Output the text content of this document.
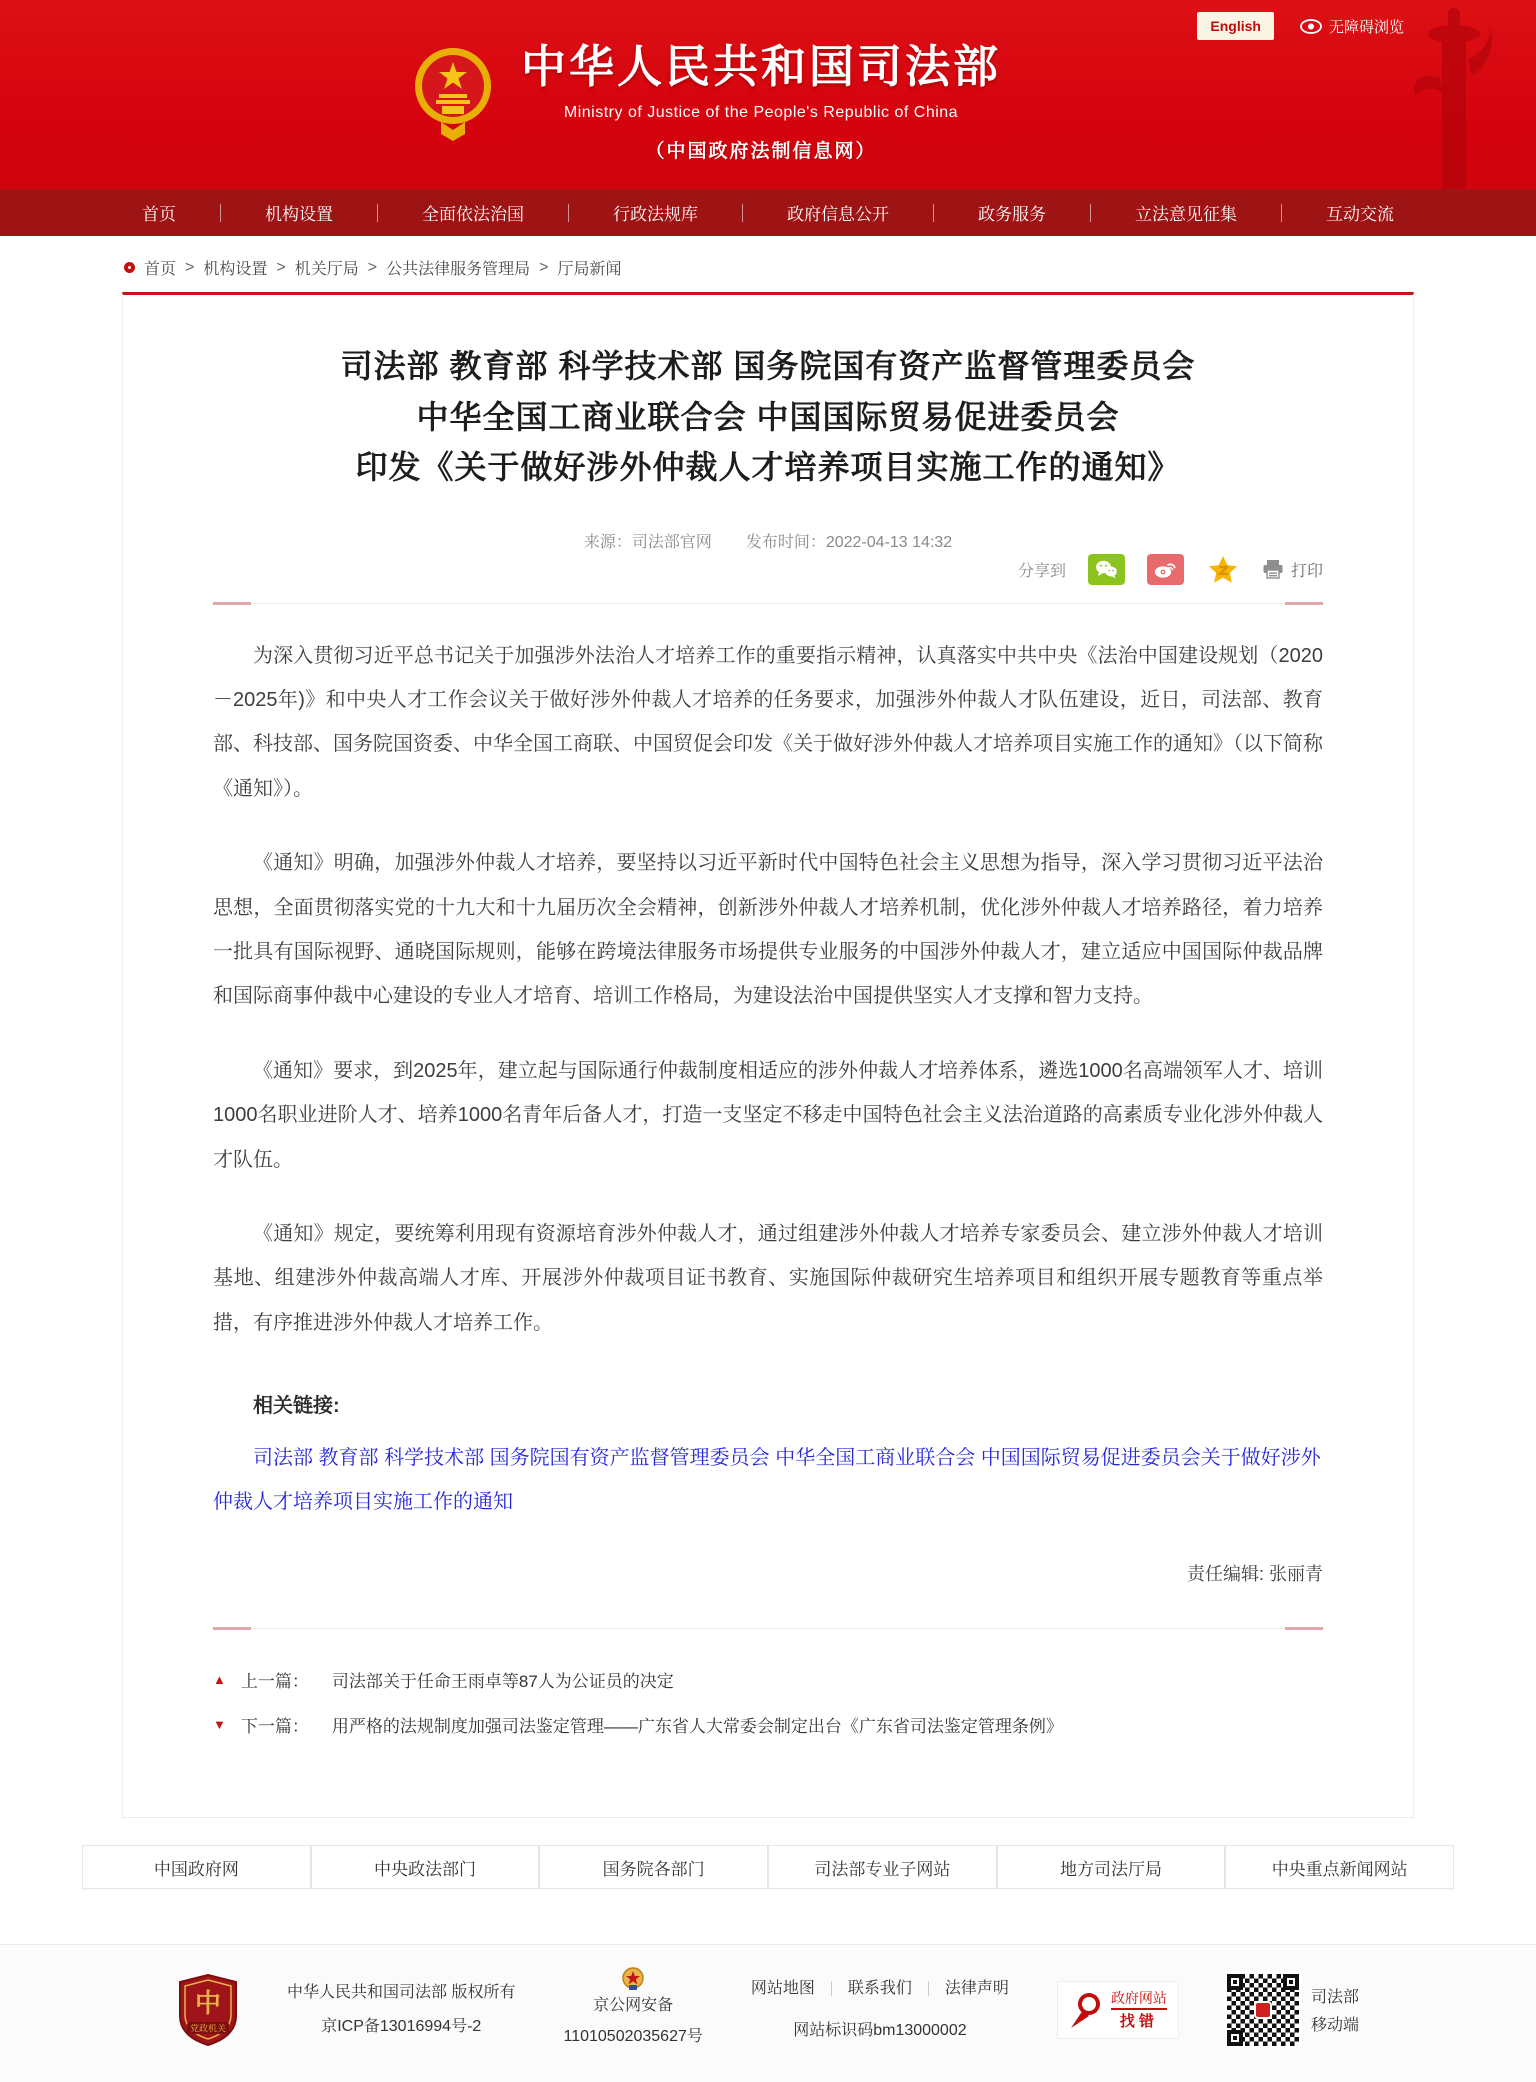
English	无障碍浏览
中华人民共和国司法部
Ministry of Justice of the People's Republic of China
（中国政府法制信息网）
首页	机构设置	全面依法治国	行政法规库	政府信息公开	政务服务	立法意见征集	互动交流
首页 > 机构设置 > 机关厅局 > 公共法律服务管理局 > 厅局新闻
司法部 教育部 科学技术部 国务院国有资产监督管理委员会
中华全国工商业联合会 中国国际贸易促进委员会
印发《关于做好涉外仲裁人才培养项目实施工作的通知》
来源：司法部官网 发布时间：2022-04-13 14:32
分享到	打印

为深入贯彻习近平总书记关于加强涉外法治人才培养工作的重要指示精神，认真落实中共中央《法治中国建设规划（2020－2025年)》和中央人才工作会议关于做好涉外仲裁人才培养的任务要求，加强涉外仲裁人才队伍建设，近日，司法部、教育部、科技部、国务院国资委、中华全国工商联、中国贸促会印发《关于做好涉外仲裁人才培养项目实施工作的通知》（以下简称《通知》）。

《通知》明确，加强涉外仲裁人才培养，要坚持以习近平新时代中国特色社会主义思想为指导，深入学习贯彻习近平法治思想，全面贯彻落实党的十九大和十九届历次全会精神，创新涉外仲裁人才培养机制，优化涉外仲裁人才培养路径，着力培养一批具有国际视野、通晓国际规则，能够在跨境法律服务市场提供专业服务的中国涉外仲裁人才，建立适应中国国际仲裁品牌和国际商事仲裁中心建设的专业人才培育、培训工作格局，为建设法治中国提供坚实人才支撑和智力支持。

《通知》要求，到2025年，建立起与国际通行仲裁制度相适应的涉外仲裁人才培养体系，遴选1000名高端领军人才、培训1000名职业进阶人才、培养1000名青年后备人才，打造一支坚定不移走中国特色社会主义法治道路的高素质专业化涉外仲裁人才队伍。

《通知》规定，要统筹利用现有资源培育涉外仲裁人才，通过组建涉外仲裁人才培养专家委员会、建立涉外仲裁人才培训基地、组建涉外仲裁高端人才库、开展涉外仲裁项目证书教育、实施国际仲裁研究生培养项目和组织开展专题教育等重点举措，有序推进涉外仲裁人才培养工作。

相关链接:

司法部 教育部 科学技术部 国务院国有资产监督管理委员会 中华全国工商业联合会 中国国际贸易促进委员会关于做好涉外仲裁人才培养项目实施工作的通知

责任编辑: 张丽青
▲ 上一篇： 司法部关于任命王雨卓等87人为公证员的决定
▼ 下一篇： 用严格的法规制度加强司法鉴定管理——广东省人大常委会制定出台《广东省司法鉴定管理条例》
中国政府网	中央政法部门	国务院各部门	司法部专业子网站	地方司法厅局	中央重点新闻网站
中
党政机关
中华人民共和国司法部 版权所有
京ICP备13016994号-2
京公网安备
11010502035627号
网站地图 联系我们 法律声明
网站标识码bm13000002
政府网站
找错
司法部
移动端
